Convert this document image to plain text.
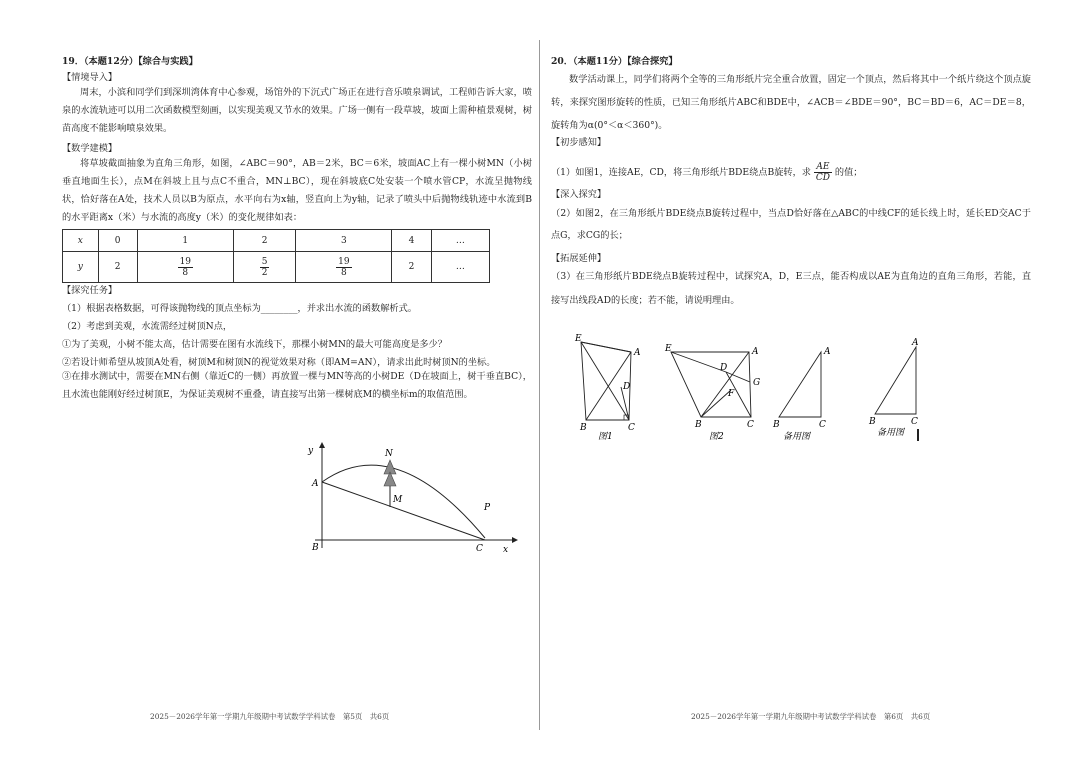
19．（本题12分）【综合与实践】
【情境导入】
周末，小滨和同学们到深圳湾体育中心参观，场馆外的下沉式广场正在进行音乐喷泉调试，工程师告诉大家，喷泉的水流轨迹可以用二次函数模型刻画，以实现美观又节水的效果。广场一侧有一段草坡，坡面上需种植景观树，树苗高度不能影响喷泉效果。
【数学建模】
将草坡截面抽象为直角三角形，如图，∠ABC＝90°，AB＝2米，BC＝6米，坡面AC上有一棵小树MN（小树垂直地面生长），点M在斜坡上且与点C不重合，MN⊥BC），现在斜坡底C处安装一个喷水管CP，水流呈抛物线状，恰好落在A处，技术人员以B为原点，水平向右为x轴，竖直向上为y轴，记录了喷头中后抛物线轨迹中水流到B的水平距离x（米）与水流的高度y（米）的变化规律如表：
x	0	1	2	3	4	…
y	2	$\frac{19}{8}$	$\frac{5}{2}$	$\frac{19}{8}$	2	…
【探究任务】
（1）根据表格数据，可得该抛物线的顶点坐标为________，并求出水流的函数解析式。
（2）考虑到美观，水流需经过树顶N点，
①为了美观，小树不能太高，估计需要在图有水流线下，那棵小树MN的最大可能高度是多少？
②若设计师希望从坡顶A处看，树顶M和树顶N的视觉效果对称（即AM=AN），请求出此时树顶N的坐标。
③在排水测试中，需要在MN右侧（靠近C的一侧）再放置一棵与MN等高的小树DE（D在坡面上，树干垂直BC），且水流也能刚好经过树顶E，为保证美观树不重叠，请直接写出第一棵树底M的横坐标m的取值范围。
y
x
A
B	C
N
M
P
2025－2026学年第一学期九年级期中考试数学学科试卷　第5页　共6页
20．（本题11分）【综合探究】
数学活动课上，同学们将两个全等的三角形纸片完全重合放置，固定一个顶点，然后将其中一个纸片绕这个顶点旋转，来探究图形旋转的性质，已知三角形纸片ABC和BDE中，∠ACB＝∠BDE＝90°，BC＝BD＝6，AC＝DE＝8，旋转角为α(0°＜α＜360°)。
【初步感知】
（1）如图1，连接AE，CD，将三角形纸片BDE绕点B旋转，求 $\frac{AE}{CD}$ 的值；
【深入探究】
（2）如图2，在三角形纸片BDE绕点B旋转过程中，当点D恰好落在△ABC的中线CF的延长线上时，延长ED交AC于点G，求CG的长；
【拓展延伸】
（3）在三角形纸片BDE绕点B旋转过程中，试探究A，D，E三点，能否构成以AE为直角边的直角三角形，若能，直接写出线段AD的长度；若不能，请说明理由。
E
A
D
B	C
图1
E	A
D
G
F
B	C
图2
A
B	C
备用图
A
B	C
备用图
2025－2026学年第一学期九年级期中考试数学学科试卷　第6页　共6页
